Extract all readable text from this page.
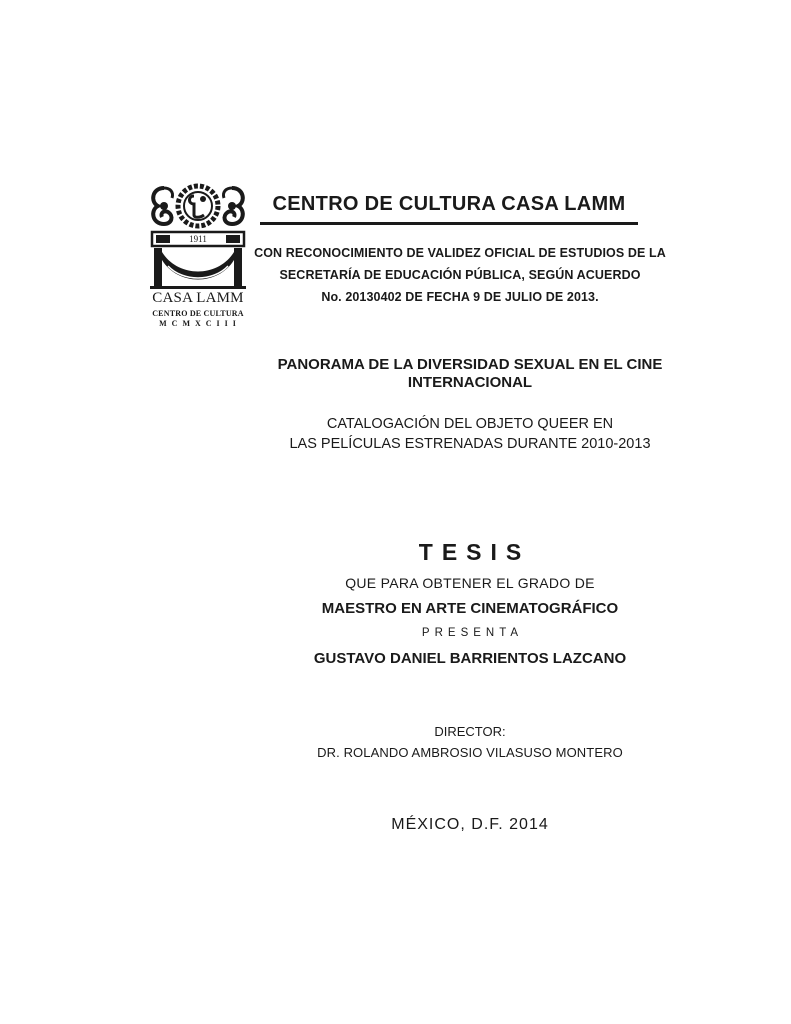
1911
CASA LAMM
CENTRO DE CULTURA
MCMXCIII
CENTRO DE CULTURA CASA LAMM
CON RECONOCIMIENTO DE VALIDEZ OFICIAL DE ESTUDIOS DE LA
SECRETARÍA DE EDUCACIÓN PÚBLICA, SEGÚN ACUERDO
No. 20130402 DE FECHA 9 DE JULIO DE 2013.
PANORAMA DE LA DIVERSIDAD SEXUAL EN EL CINE
INTERNACIONAL
CATALOGACIÓN DEL OBJETO QUEER EN
LAS PELÍCULAS ESTRENADAS DURANTE 2010-2013
TESIS
QUE PARA OBTENER EL GRADO DE
MAESTRO EN ARTE CINEMATOGRÁFICO
PRESENTA
GUSTAVO DANIEL BARRIENTOS LAZCANO
DIRECTOR:
DR. ROLANDO AMBROSIO VILASUSO MONTERO
MÉXICO, D.F. 2014
